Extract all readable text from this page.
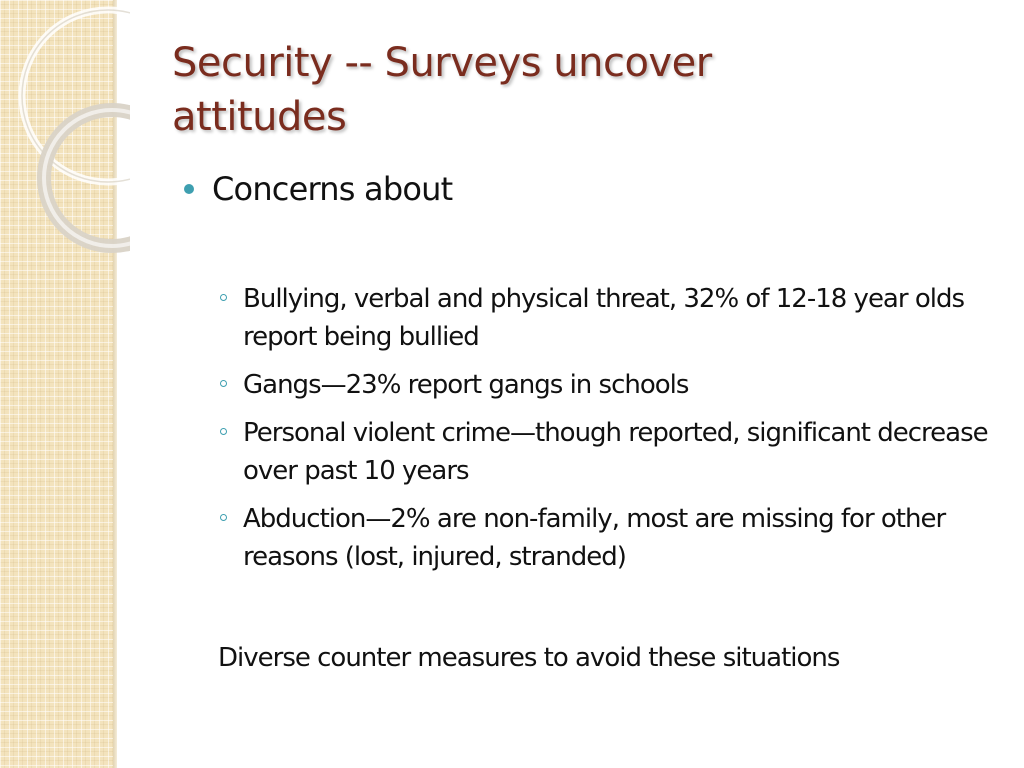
Security -- Surveys uncover
attitudes
Concerns about
Bullying, verbal and physical threat, 32% of 12-18 year olds report being bullied
Gangs—23% report gangs in schools
Personal violent crime—though reported, significant decrease over past 10 years
Abduction—2% are non-family, most are missing for other reasons (lost, injured, stranded)
Diverse counter measures to avoid these situations
